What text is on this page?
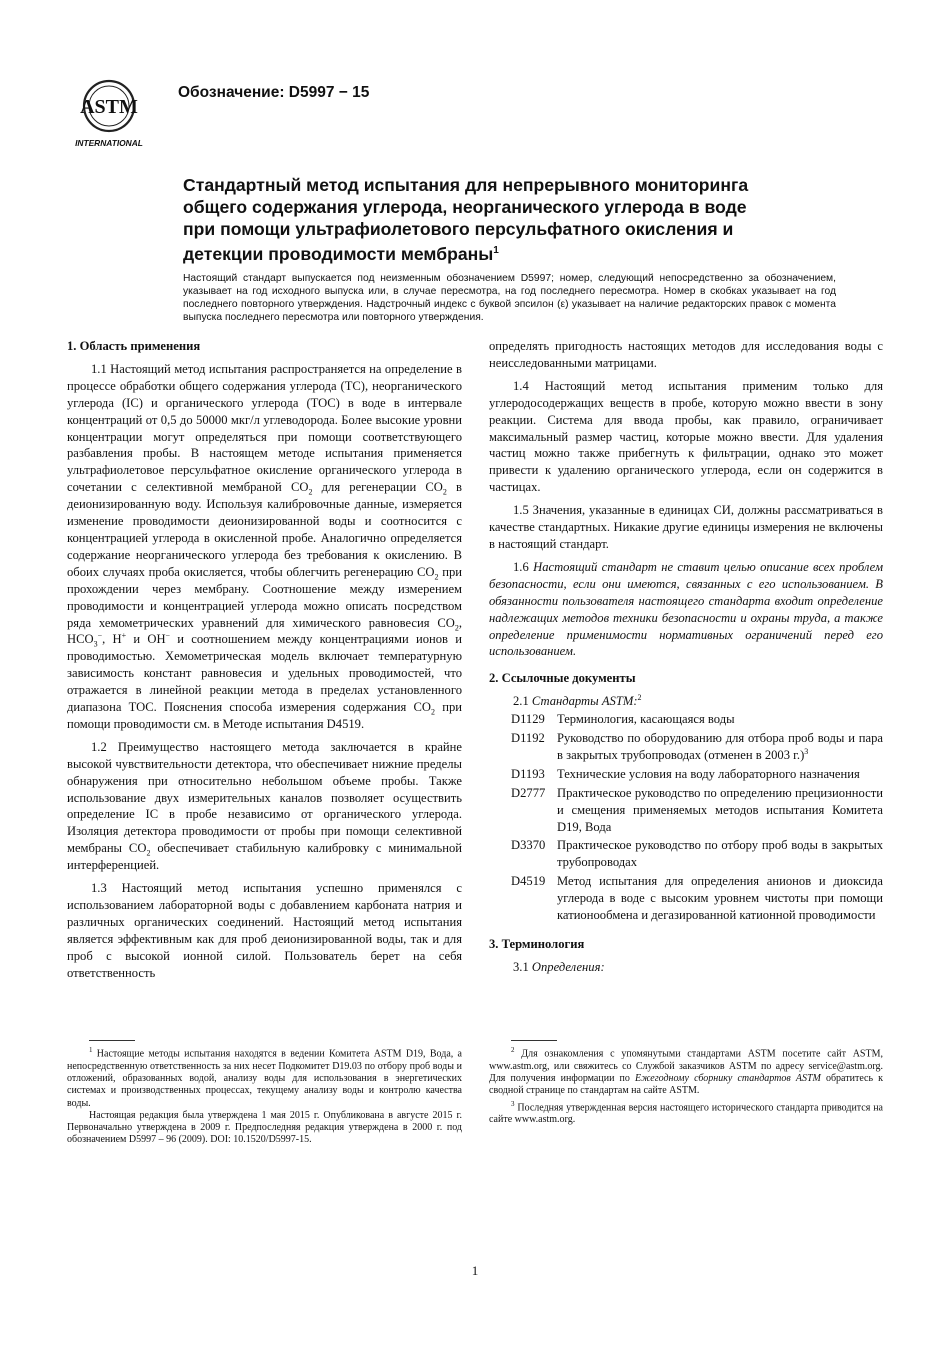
ASTM
INTERNATIONAL
Обозначение: D5997 − 15
Стандартный метод испытания для непрерывного мониторинга
общего содержания углерода, неорганического углерода в воде
при помощи ультрафиолетового персульфатного окисления и
детекции проводимости мембраны$^1$
Настоящий стандарт выпускается под неизменным обозначением D5997; номер, следующий непосредственно за обозначением, указывает на год исходного выпуска или, в случае пересмотра, на год последнего пересмотра. Номер в скобках указывает на год последнего повторного утверждения. Надстрочный индекс с буквой эпсилон (ε) указывает на наличие редакторских правок с момента выпуска последнего пересмотра или повторного утверждения.
1. Область применения

1.1 Настоящий метод испытания распространяется на определение в процессе обработки общего содержания углерода (TC), неорганического углерода (IC) и органического углерода (TOC) в воде в интервале концентраций от 0,5 до 50000 мкг/л углеводорода. Более высокие уровни концентрации могут определяться при помощи соответствующего разбавления пробы. В настоящем методе испытания применяется ультрафиолетовое персульфатное окисление органического углерода в сочетании с селективной мембраной $CO_2$ для регенерации $CO_2$ в деионизированную воду. Используя калибровочные данные, измеряется изменение проводимости деионизированной воды и соотносится с концентрацией углерода в окисленной пробе. Аналогично определяется содержание неорганического углерода без требования к окислению. В обоих случаях проба окисляется, чтобы облегчить регенерацию $CO_2$ при прохождении через мембрану. Соотношение между измерением проводимости и концентрацией углерода можно описать посредством ряда хемометрических уравнений для химического равновесия $CO_2$, $HCO_3^-$, H+ и OH− и соотношением между концентрациями ионов и проводимостью. Хемометрическая модель включает температурную зависимость констант равновесия и удельных проводимостей, что отражается в линейной реакции метода в пределах установленного диапазона TOC. Пояснения способа измерения содержания $CO_2$ при помощи проводимости см. в Методе испытания D4519.

1.2 Преимущество настоящего метода заключается в крайне высокой чувствительности детектора, что обеспечивает нижние пределы обнаружения при относительно небольшом объеме пробы. Также использование двух измерительных каналов позволяет осуществить определение IC в пробе независимо от органического углерода. Изоляция детектора проводимости от пробы при помощи селективной мембраны $CO_2$ обеспечивает стабильную калибровку с минимальной интерференцией.

1.3 Настоящий метод испытания успешно применялся с использованием лабораторной воды с добавлением карбоната натрия и различных органических соединений. Настоящий метод испытания является эффективным как для проб деионизированной воды, так и для проб с высокой ионной силой. Пользователь берет на себя ответственность

определять пригодность настоящих методов для исследования воды с неисследованными матрицами.

1.4 Настоящий метод испытания применим только для углеродосодержащих веществ в пробе, которую можно ввести в зону реакции. Система для ввода пробы, как правило, ограничивает максимальный размер частиц, которые можно ввести. Для удаления частиц можно также прибегнуть к фильтрации, однако это может привести к удалению органического углерода, если он содержится в частицах.

1.5 Значения, указанные в единицах СИ, должны рассматриваться в качестве стандартных. Никакие другие единицы измерения не включены в настоящий стандарт.

1.6 Настоящий стандарт не ставит целью описание всех проблем безопасности, если они имеются, связанных с его использованием. В обязанности пользователя настоящего стандарта входит определение надлежащих методов техники безопасности и охраны труда, а также определение применимости нормативных ограничений перед его использованием.

2. Ссылочные документы
2.1 Стандарты ASTM:$^2$
D1129 Терминология, касающаяся воды
D1192 Руководство по оборудованию для отбора проб воды и пара в закрытых трубопроводах (отменен в 2003 г.)$^3$
D1193 Технические условия на воду лабораторного назначения
D2777 Практическое руководство по определению прецизионности и смещения применяемых методов испытания Комитета D19, Вода
D3370 Практическое руководство по отбору проб воды в закрытых трубопроводах
D4519 Метод испытания для определения анионов и диоксида углерода в воде с высоким уровнем чистоты при помощи катионообмена и дегазированной катионной проводимости
3. Терминология
3.1 Определения:

$^1$ Настоящие методы испытания находятся в ведении Комитета ASTM D19, Вода, а непосредственную ответственность за них несет Подкомитет D19.03 по отбору проб воды и отложений, образованных водой, анализу воды для использования в энергетических системах и производственных процессах, текущему анализу воды и контролю качества воды.

Настоящая редакция была утверждена 1 мая 2015 г. Опубликована в августе 2015 г. Первоначально утверждена в 2009 г. Предпоследняя редакция утверждена в 2000 г. под обозначением D5997 – 96 (2009). DOI: 10.1520/D5997-15.

$^2$ Для ознакомления с упомянутыми стандартами ASTM посетите сайт ASTM, www.astm.org, или свяжитесь со Службой заказчиков ASTM по адресу service@astm.org. Для получения информации по Ежегодному сборнику стандартов ASTM обратитесь к сводной странице по стандартам на сайте ASTM.

$^3$ Последняя утвержденная версия настоящего исторического стандарта приводится на сайте www.astm.org.

1
